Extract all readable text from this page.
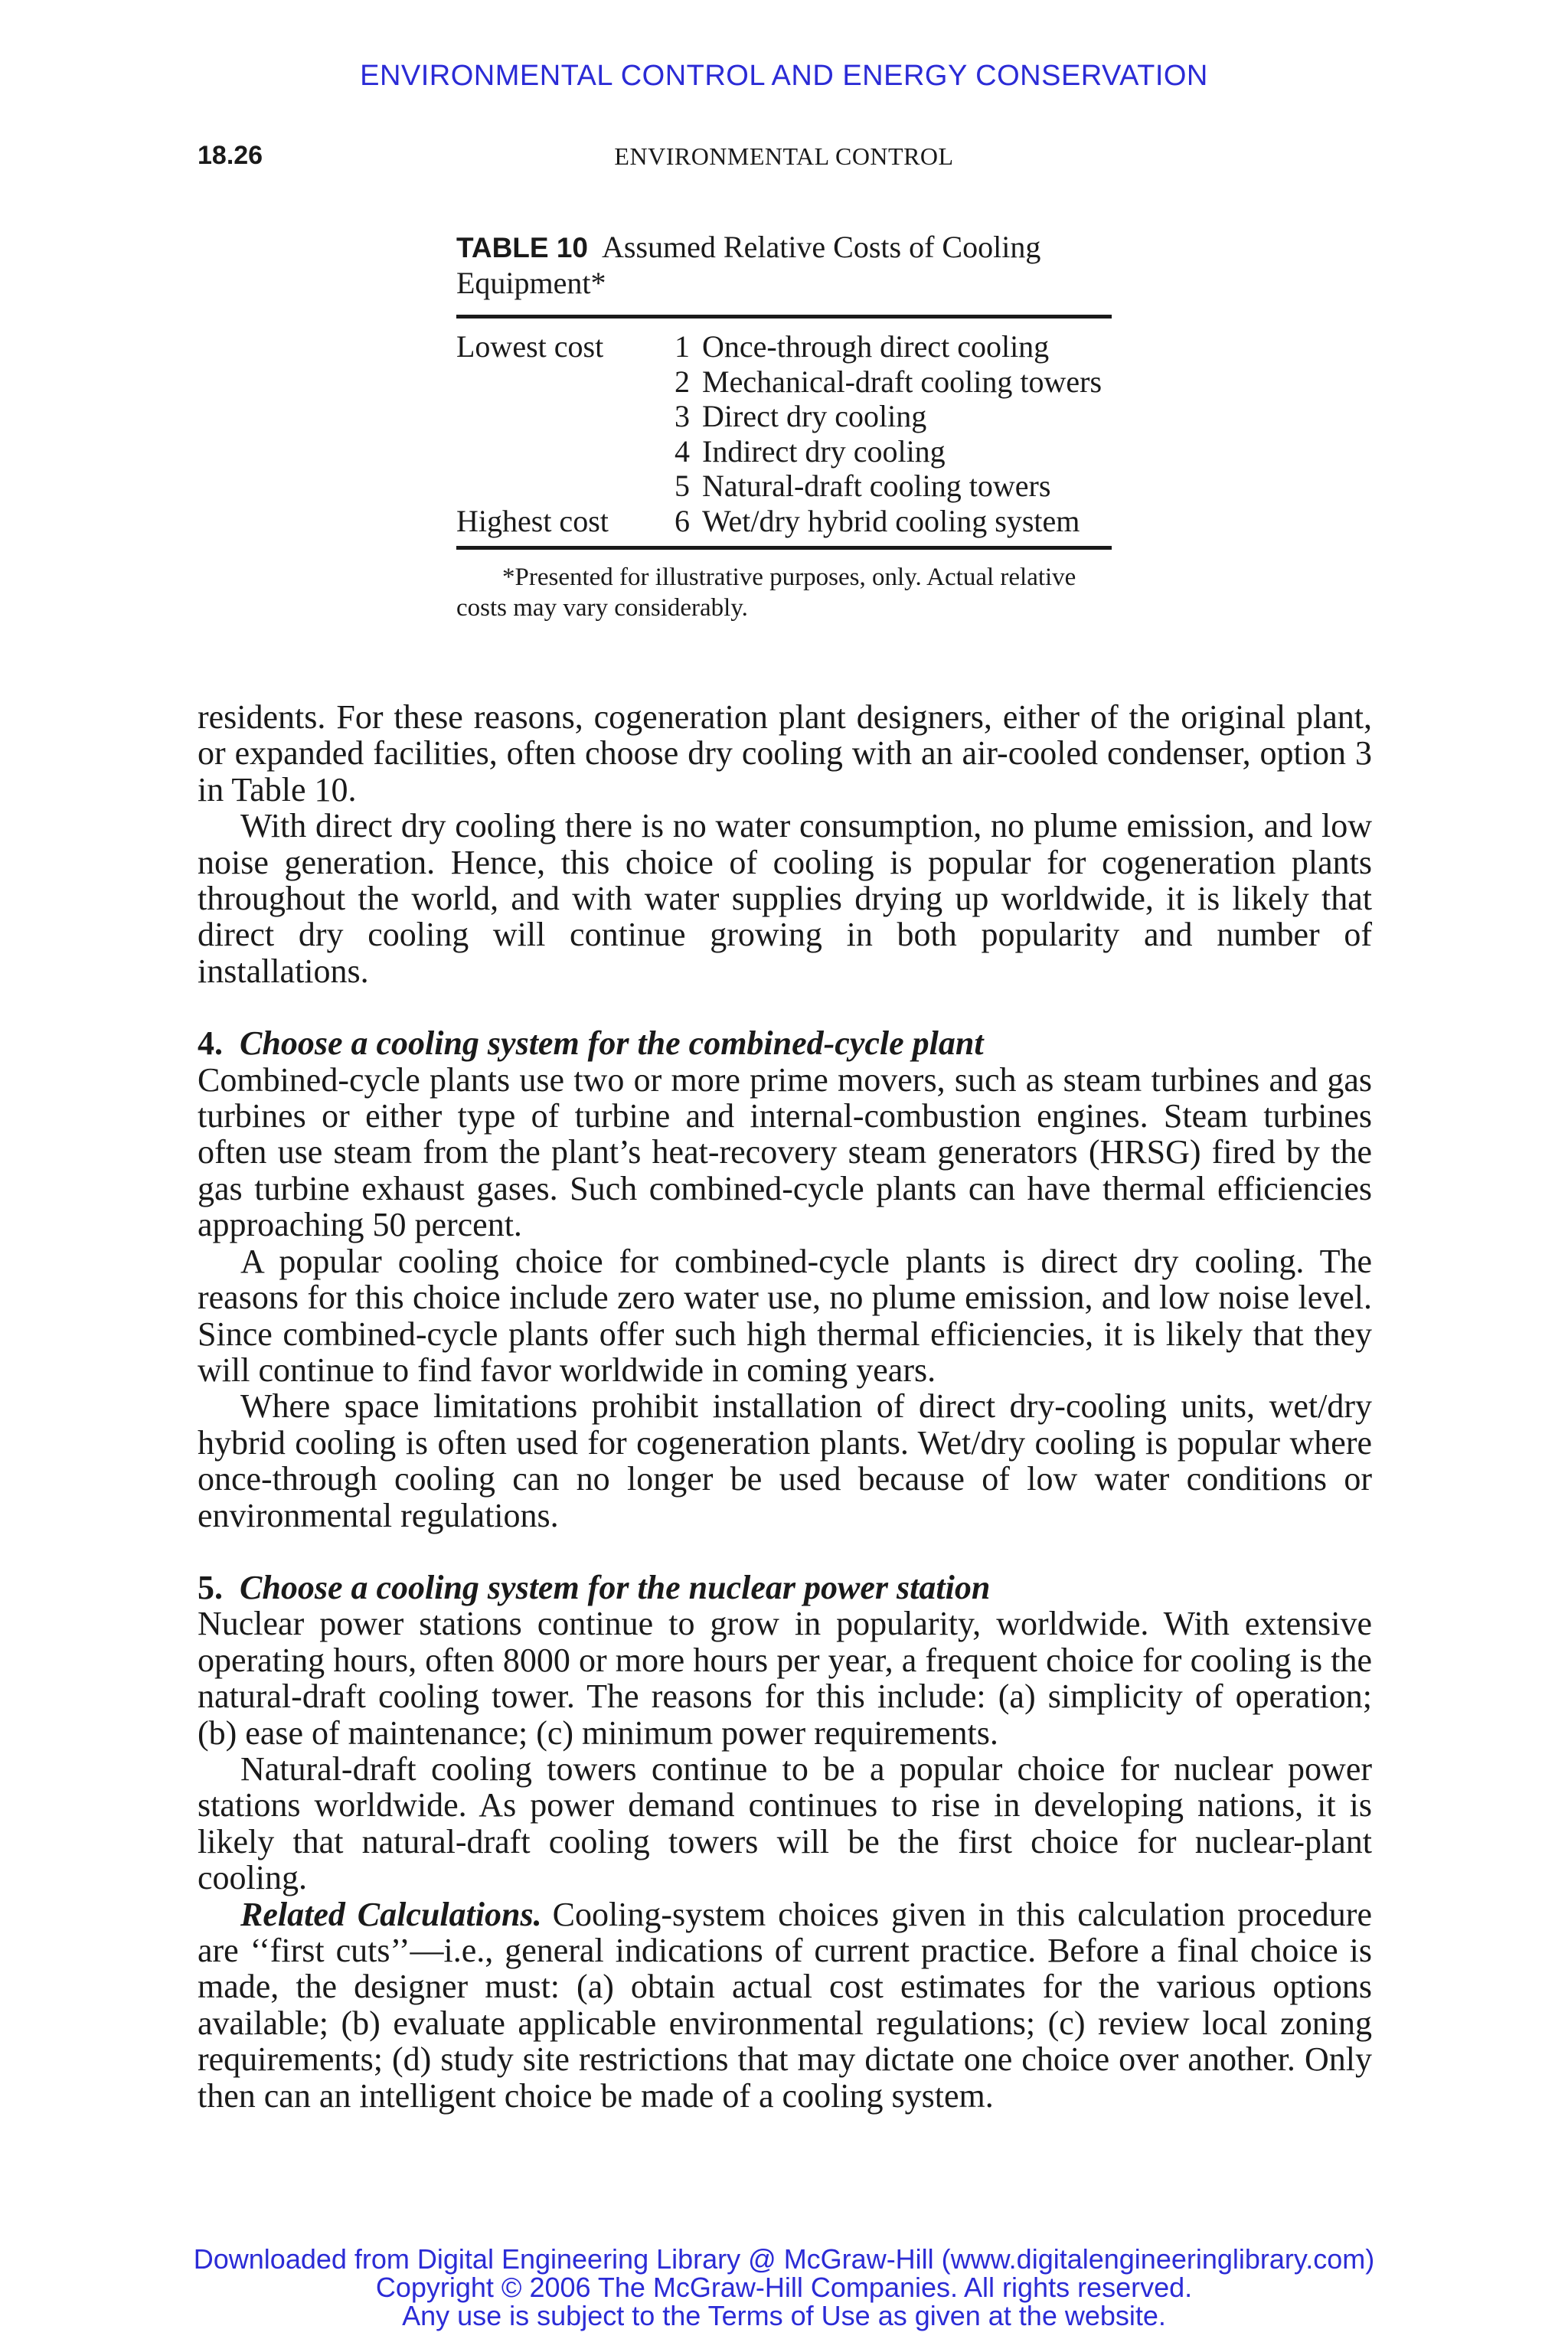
ENVIRONMENTAL CONTROL AND ENERGY CONSERVATION
18.26	ENVIRONMENTAL CONTROL
TABLE 10 Assumed Relative Costs of Cooling Equipment*
Lowest cost	1 Once-through direct cooling
2 Mechanical-draft cooling towers
3 Direct dry cooling
4 Indirect dry cooling
5 Natural-draft cooling towers
Highest cost	6 Wet/dry hybrid cooling system
*Presented for illustrative purposes, only. Actual relative costs may vary considerably.

residents. For these reasons, cogeneration plant designers, either of the original plant, or expanded facilities, often choose dry cooling with an air-cooled condenser, option 3 in Table 10.

With direct dry cooling there is no water consumption, no plume emission, and low noise generation. Hence, this choice of cooling is popular for cogeneration plants throughout the world, and with water supplies drying up worldwide, it is likely that direct dry cooling will continue growing in both popularity and number of installations.

4. Choose a cooling system for the combined-cycle plant

Combined-cycle plants use two or more prime movers, such as steam turbines and gas turbines or either type of turbine and internal-combustion engines. Steam turbines often use steam from the plant’s heat-recovery steam generators (HRSG) fired by the gas turbine exhaust gases. Such combined-cycle plants can have thermal efficiencies approaching 50 percent.

A popular cooling choice for combined-cycle plants is direct dry cooling. The reasons for this choice include zero water use, no plume emission, and low noise level. Since combined-cycle plants offer such high thermal efficiencies, it is likely that they will continue to find favor worldwide in coming years.

Where space limitations prohibit installation of direct dry-cooling units, wet/dry hybrid cooling is often used for cogeneration plants. Wet/dry cooling is popular where once-through cooling can no longer be used because of low water conditions or environmental regulations.

5. Choose a cooling system for the nuclear power station

Nuclear power stations continue to grow in popularity, worldwide. With extensive operating hours, often 8000 or more hours per year, a frequent choice for cooling is the natural-draft cooling tower. The reasons for this include: (a) simplicity of operation; (b) ease of maintenance; (c) minimum power requirements.

Natural-draft cooling towers continue to be a popular choice for nuclear power stations worldwide. As power demand continues to rise in developing nations, it is likely that natural-draft cooling towers will be the first choice for nuclear-plant cooling.

Related Calculations. Cooling-system choices given in this calculation procedure are ‘‘first cuts’’—i.e., general indications of current practice. Before a final choice is made, the designer must: (a) obtain actual cost estimates for the various options available; (b) evaluate applicable environmental regulations; (c) review local zoning requirements; (d) study site restrictions that may dictate one choice over another. Only then can an intelligent choice be made of a cooling system.

Downloaded from Digital Engineering Library @ McGraw-Hill (www.digitalengineeringlibrary.com)
Copyright © 2006 The McGraw-Hill Companies. All rights reserved.
Any use is subject to the Terms of Use as given at the website.
